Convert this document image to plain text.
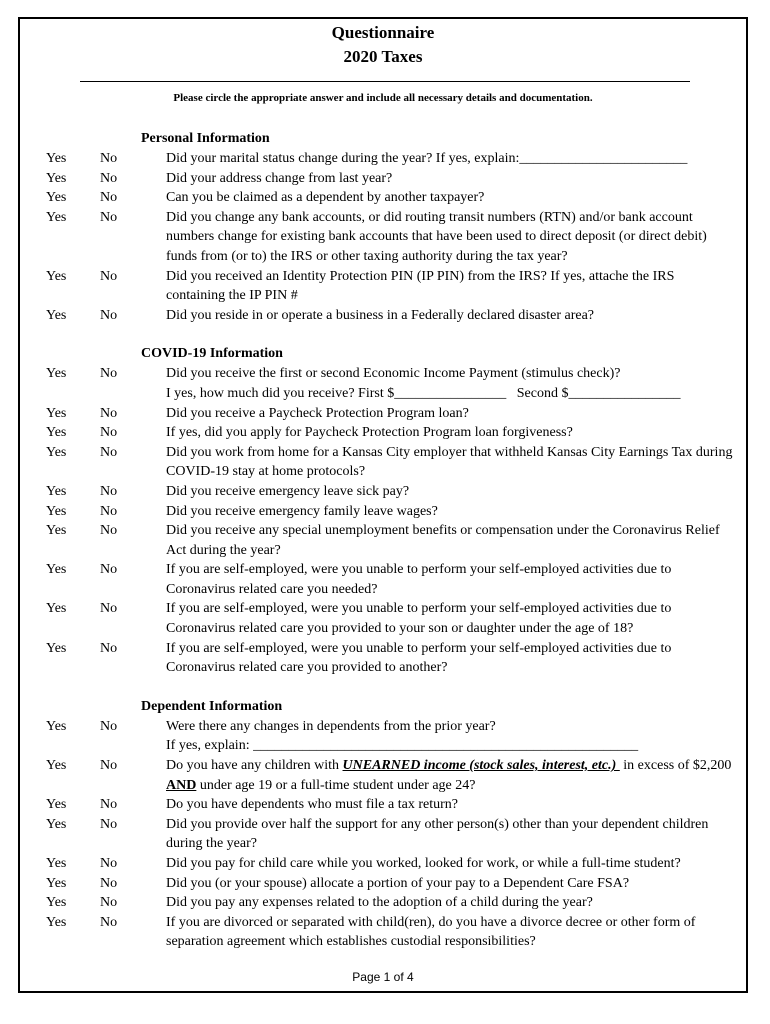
Questionnaire
2020 Taxes
Please circle the appropriate answer and include all necessary details and documentation.
Personal Information
Yes	No	Did your marital status change during the year? If yes, explain:________________________
Yes	No	Did your address change from last year?
Yes	No	Can you be claimed as a dependent by another taxpayer?
Yes	No	Did you change any bank accounts, or did routing transit numbers (RTN) and/or bank account numbers change for existing bank accounts that have been used to direct deposit (or direct debit) funds from (or to) the IRS or other taxing authority during the tax year?
Yes	No	Did you received an Identity Protection PIN (IP PIN) from the IRS? If yes, attache the IRS containing the IP PIN #
Yes	No	Did you reside in or operate a business in a Federally declared disaster area?
COVID-19 Information
Yes	No	Did you receive the first or second Economic Income Payment (stimulus check)?
I yes, how much did you receive? First $________________   Second $________________
Yes	No	Did you receive a Paycheck Protection Program loan?
Yes	No	If yes, did you apply for Paycheck Protection Program loan forgiveness?
Yes	No	Did you work from home for a Kansas City employer that withheld Kansas City Earnings Tax during COVID-19 stay at home protocols?
Yes	No	Did you receive emergency leave sick pay?
Yes	No	Did you receive emergency family leave wages?
Yes	No	Did you receive any special unemployment benefits or compensation under the Coronavirus Relief Act during the year?
Yes	No	If you are self-employed, were you unable to perform your self-employed activities due to Coronavirus related care you needed?
Yes	No	If you are self-employed, were you unable to perform your self-employed activities due to Coronavirus related care you provided to your son or daughter under the age of 18?
Yes	No	If you are self-employed, were you unable to perform your self-employed activities due to Coronavirus related care you provided to another?
Dependent Information
Yes	No	Were there any changes in dependents from the prior year?
If yes, explain: _______________________________________________________
Yes	No	Do you have any children with UNEARNED income (stock sales, interest, etc.)  in excess of $2,200 AND under age 19 or a full-time student under age 24?
Yes	No	Do you have dependents who must file a tax return?
Yes	No	Did you provide over half the support for any other person(s) other than your dependent children during the year?
Yes	No	Did you pay for child care while you worked, looked for work, or while a full-time student?
Yes	No	Did you (or your spouse) allocate a portion of your pay to a Dependent Care FSA?
Yes	No	Did you pay any expenses related to the adoption of a child during the year?
Yes	No	If you are divorced or separated with child(ren), do you have a divorce decree or other form of separation agreement which establishes custodial responsibilities?
Page 1 of 4
